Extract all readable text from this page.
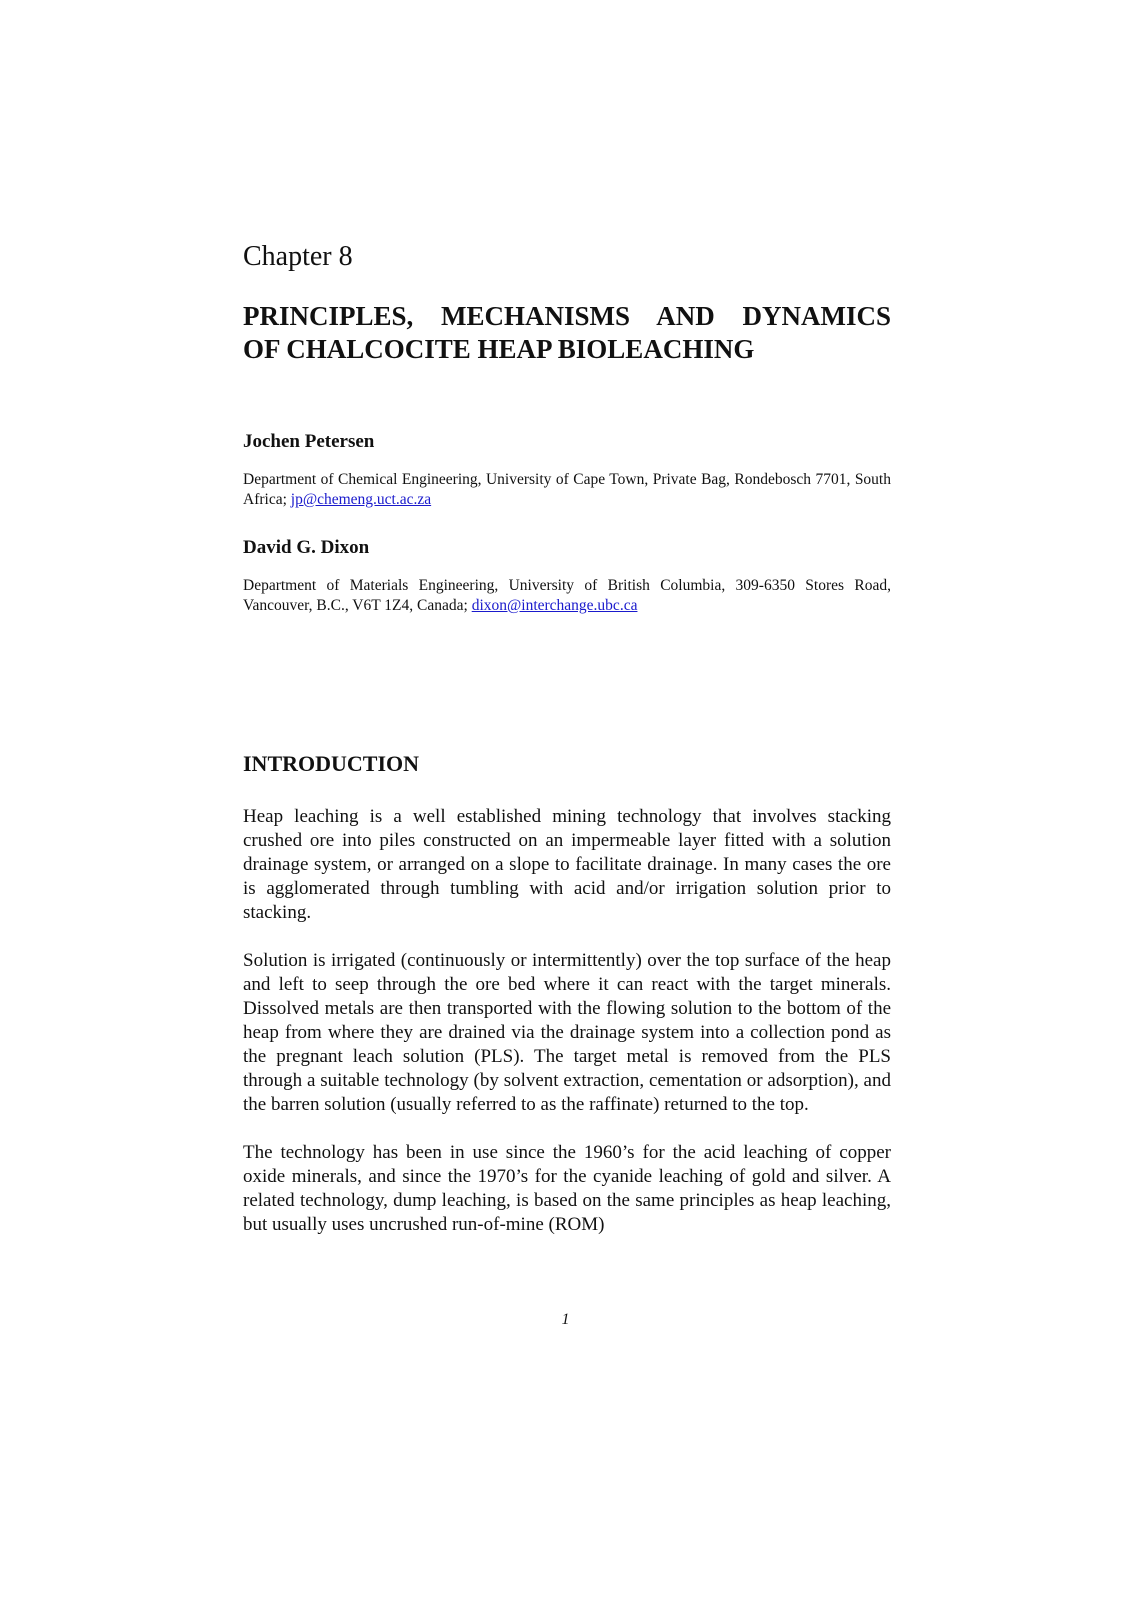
Chapter 8
PRINCIPLES, MECHANISMS AND DYNAMICS
OF CHALCOCITE HEAP BIOLEACHING

Jochen Petersen

Department of Chemical Engineering, University of Cape Town, Private Bag, Rondebosch 7701, South Africa; jp@chemeng.uct.ac.za

David G. Dixon

Department of Materials Engineering, University of British Columbia, 309-6350 Stores Road, Vancouver, B.C., V6T 1Z4, Canada; dixon@interchange.ubc.ca

INTRODUCTION

Heap leaching is a well established mining technology that involves stacking crushed ore into piles constructed on an impermeable layer fitted with a solution drainage system, or arranged on a slope to facilitate drainage. In many cases the ore is agglomerated through tumbling with acid and/or irrigation solution prior to stacking.

Solution is irrigated (continuously or intermittently) over the top surface of the heap and left to seep through the ore bed where it can react with the target minerals. Dissolved metals are then transported with the flowing solution to the bottom of the heap from where they are drained via the drainage system into a collection pond as the pregnant leach solution (PLS). The target metal is removed from the PLS through a suitable technology (by solvent extraction, cementation or adsorption), and the barren solution (usually referred to as the raffinate) returned to the top.

The technology has been in use since the 1960’s for the acid leaching of copper oxide minerals, and since the 1970’s for the cyanide leaching of gold and silver. A related technology, dump leaching, is based on the same principles as heap leaching, but usually uses uncrushed run-of-mine (ROM)

1
